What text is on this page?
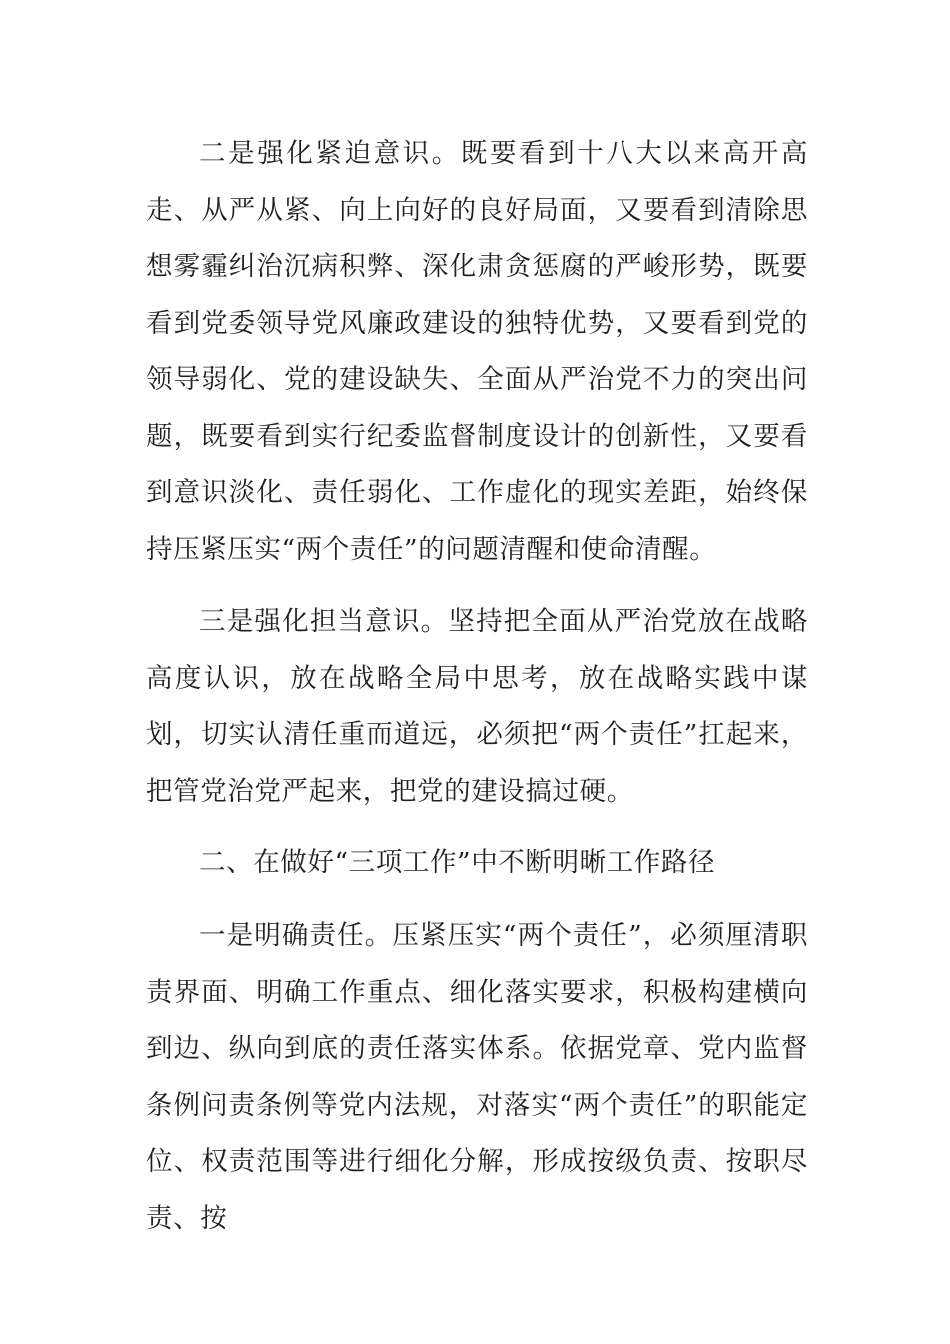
二是强化紧迫意识。既要看到十八大以来高开高走、从严从紧、向上向好的良好局面，又要看到清除思想雾霾纠治沉病积弊、深化肃贪惩腐的严峻形势，既要看到党委领导党风廉政建设的独特优势，又要看到党的领导弱化、党的建设缺失、全面从严治党不力的突出问题，既要看到实行纪委监督制度设计的创新性，又要看到意识淡化、责任弱化、工作虚化的现实差距，始终保持压紧压实“两个责任”的问题清醒和使命清醒。

三是强化担当意识。坚持把全面从严治党放在战略高度认识，放在战略全局中思考，放在战略实践中谋划，切实认清任重而道远，必须把“两个责任”扛起来，把管党治党严起来，把党的建设搞过硬。

二、在做好“三项工作”中不断明晰工作路径

一是明确责任。压紧压实“两个责任”，必须厘清职责界面、明确工作重点、细化落实要求，积极构建横向到边、纵向到底的责任落实体系。依据党章、党内监督条例问责条例等党内法规，对落实“两个责任”的职能定位、权责范围等进行细化分解，形成按级负责、按职尽责、按
